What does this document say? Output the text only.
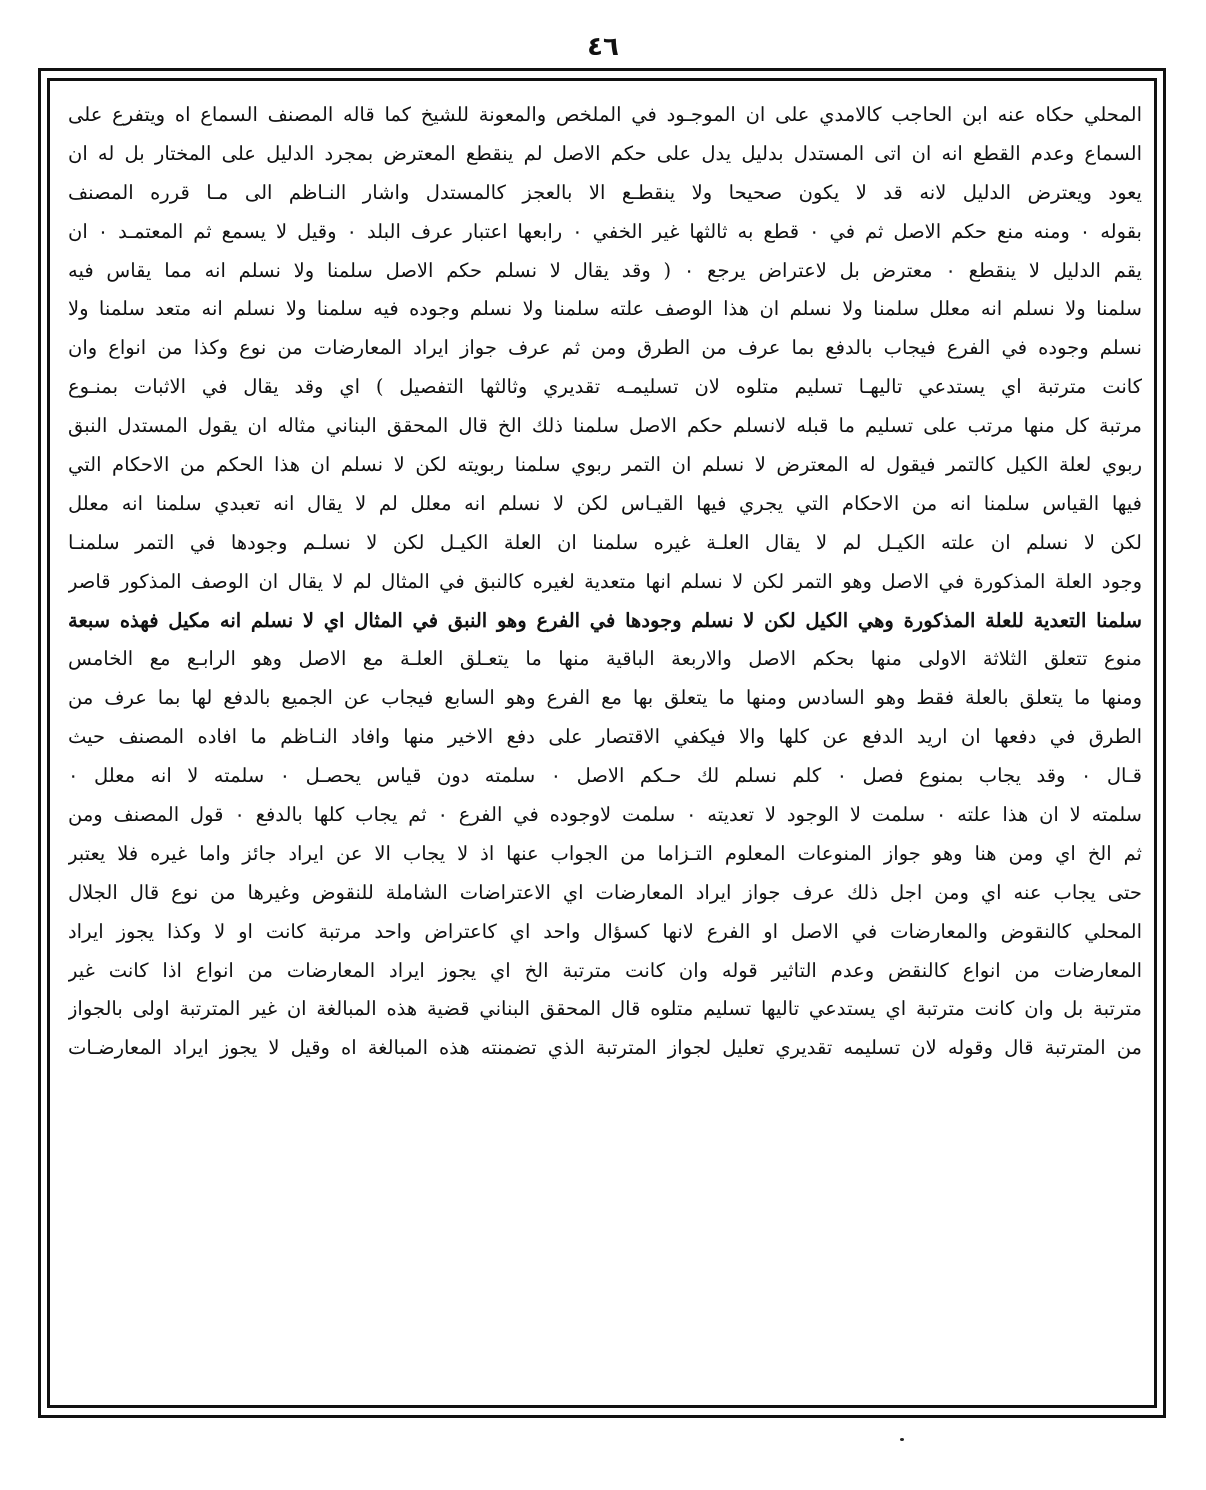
٤٦
المحلي حكاه عنه ابن الحاجب كالامدي على ان الموجـود في الملخص والمعونة للشيخ كما قاله المصنف السماع اه ويتفرع على
السماع وعدم القطع انه ان اتى المستدل بدليل يدل على حكم الاصل لم ينقطع المعترض بمجرد الدليل على المختار بل له ان
يعود ويعترض الدليل لانه قد لا يكون صحيحا ولا ينقطـع الا بالعجز كالمستدل واشار النـاظم الى مـا قرره المصنف
بقوله ٠ ومنه منع حكم الاصل ثم في ٠ قطع به ثالثها غير الخفي ٠ رابعها اعتبار عرف البلد ٠ وقيل لا يسمع ثم المعتمـد ٠ ان
يقم الدليل لا ينقطع ٠ معترض بل لاعتراض يرجع ٠ ( وقد يقال لا نسلم حكم الاصل سلمنا ولا نسلم انه مما يقاس فيه
سلمنا ولا نسلم انه معلل سلمنا ولا نسلم ان هذا الوصف علته سلمنا ولا نسلم وجوده فيه سلمنا ولا نسلم انه متعد سلمنا ولا
نسلم وجوده في الفرع فيجاب بالدفع بما عرف من الطرق ومن ثم عرف جواز ايراد المعارضات من نوع وكذا من انواع وان
كانت مترتبة اي يستدعي تاليهـا تسليم متلوه لان تسليمـه تقديري وثالثها التفصيل ) اي وقد يقال في الاثبات بمنـوع
مرتبة كل منها مرتب على تسليم ما قبله لانسلم حكم الاصل سلمنا ذلك الخ قال المحقق البناني مثاله ان يقول المستدل النبق
ربوي لعلة الكيل كالتمر فيقول له المعترض لا نسلم ان التمر ربوي سلمنا ربويته لكن لا نسلم ان هذا الحكم من الاحكام التي
فيها القياس سلمنا انه من الاحكام التي يجري فيها القيـاس لكن لا نسلم انه معلل لم لا يقال انه تعبدي سلمنا انه معلل
لكن لا نسلم ان علته الكيـل لم لا يقال العلـة غيره سلمنا ان العلة الكيـل لكن لا نسلـم وجودها في التمر سلمنـا
وجود العلة المذكورة في الاصل وهو التمر لكن لا نسلم انها متعدية لغيره كالنبق في المثال لم لا يقال ان الوصف المذكور قاصر
سلمنا التعدية للعلة المذكورة وهي الكيل لكن لا نسلم وجودها في الفرع وهو النبق في المثال اي لا نسلم انه مكيل فهذه سبعة
منوع تتعلق الثلاثة الاولى منها بحكم الاصل والاربعة الباقية منها ما يتعـلق العلـة مع الاصل وهو الرابـع مع الخامس
ومنها ما يتعلق بالعلة فقط وهو السادس ومنها ما يتعلق بها مع الفرع وهو السابع فيجاب عن الجميع بالدفع لها بما عرف من
الطرق في دفعها ان اريد الدفع عن كلها والا فيكفي الاقتصار على دفع الاخير منها وافاد النـاظم ما افاده المصنف حيث
قـال ٠ وقد يجاب بمنوع فصل ٠ كلم نسلم لك حـكم الاصل ٠ سلمته دون قياس يحصـل ٠ سلمته لا انه معلل ٠
سلمته لا ان هذا علته ٠ سلمت لا الوجود لا تعديته ٠ سلمت لاوجوده في الفرع ٠ ثم يجاب كلها بالدفع ٠ قول المصنف ومن
ثم الخ اي ومن هنا وهو جواز المنوعات المعلوم التـزاما من الجواب عنها اذ لا يجاب الا عن ايراد جائز واما غيره فلا يعتبر
حتى يجاب عنه اي ومن اجل ذلك عرف جواز ايراد المعارضات اي الاعتراضات الشاملة للنقوض وغيرها من نوع قال الجلال
المحلي كالنقوض والمعارضات في الاصل او الفرع لانها كسؤال واحد اي كاعتراض واحد مرتبة كانت او لا وكذا يجوز ايراد
المعارضات من انواع كالنقض وعدم التاثير قوله وان كانت مترتبة الخ اي يجوز ايراد المعارضات من انواع اذا كانت غير
مترتبة بل وان كانت مترتبة اي يستدعي تاليها تسليم متلوه قال المحقق البناني قضية هذه المبالغة ان غير المترتبة اولى بالجواز
من المترتبة قال وقوله لان تسليمه تقديري تعليل لجواز المترتبة الذي تضمنته هذه المبالغة اه وقيل لا يجوز ايراد المعارضـات
